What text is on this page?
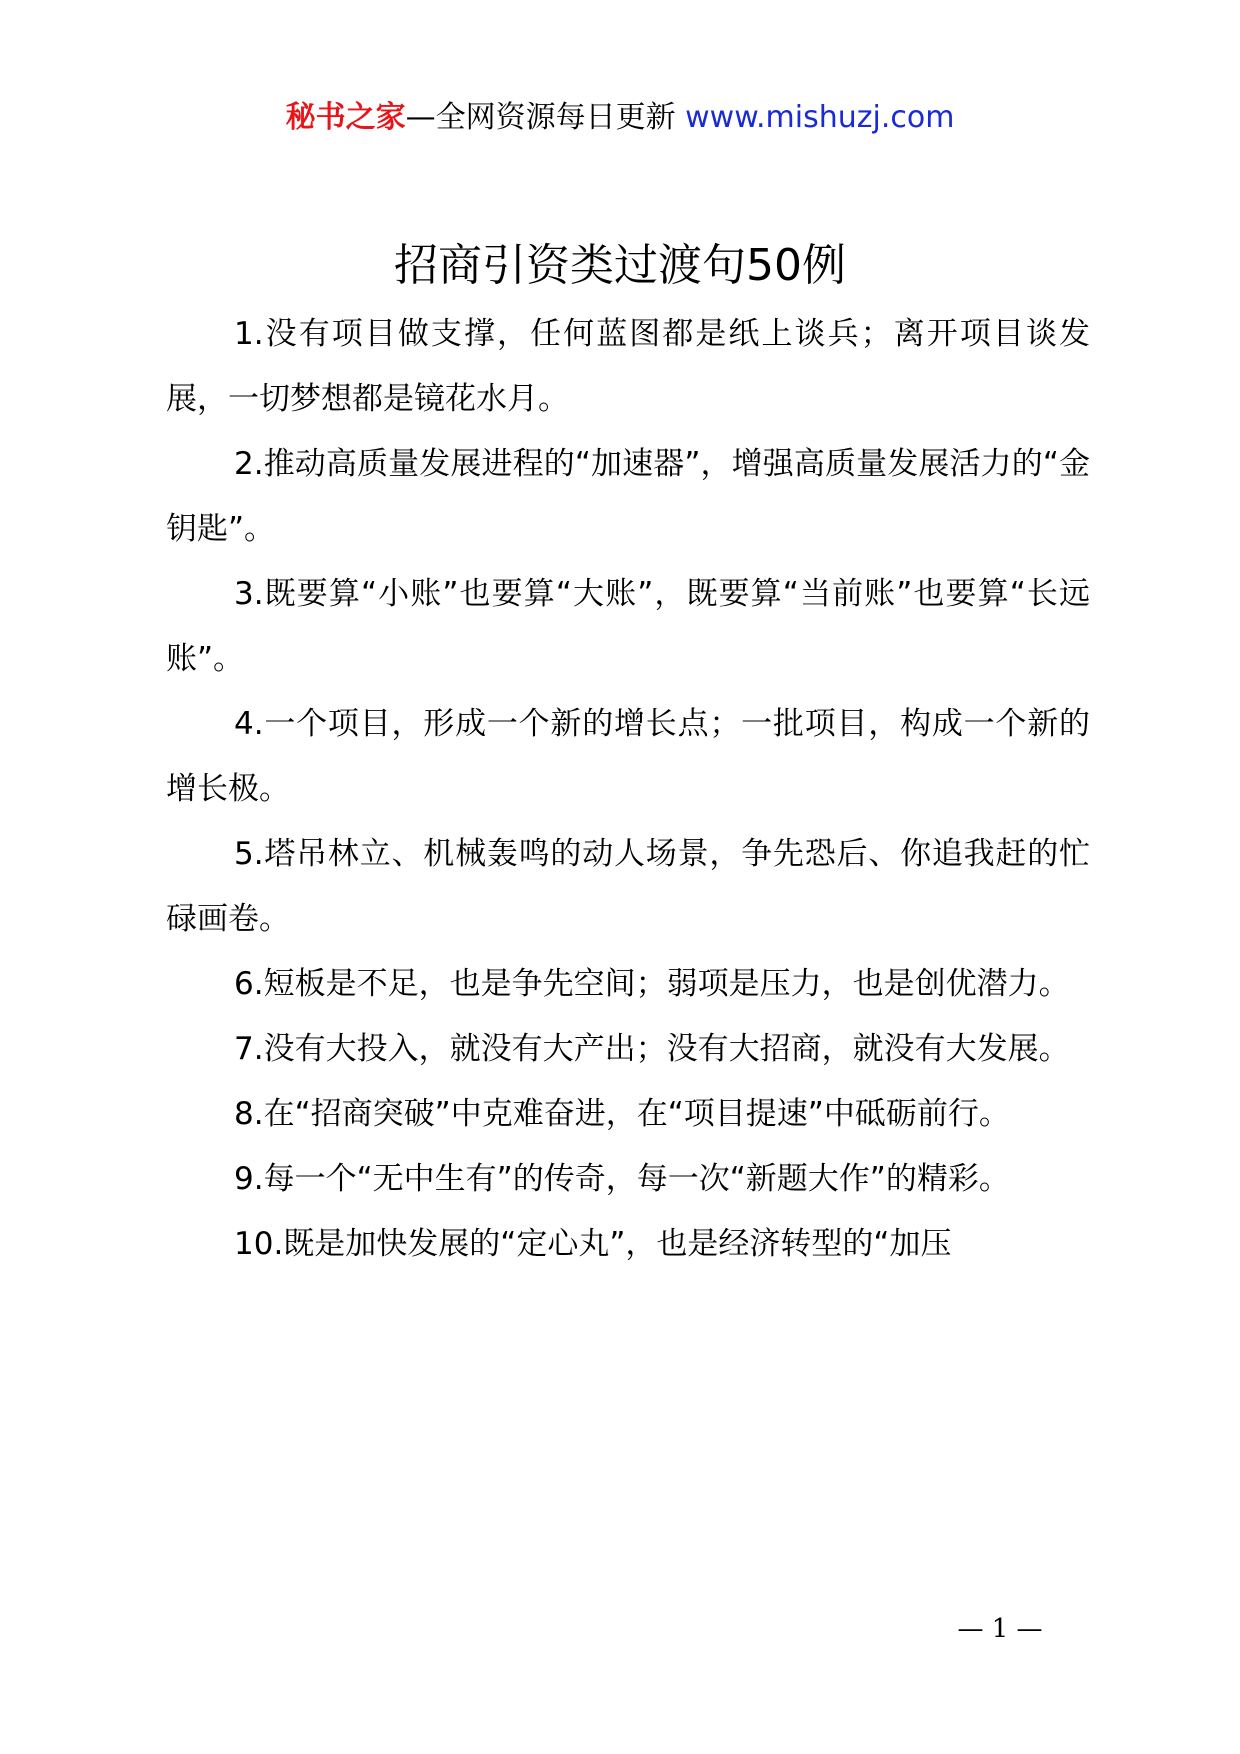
秘书之家—全网资源每日更新 www.mishuzj.com
招商引资类过渡句50例

1.没有项目做支撑，任何蓝图都是纸上谈兵；离开项目谈发展，一切梦想都是镜花水月。

2.推动高质量发展进程的“加速器”，增强高质量发展活力的“金钥匙”。

3.既要算“小账”也要算“大账”，既要算“当前账”也要算“长远账”。

4.一个项目，形成一个新的增长点；一批项目，构成一个新的增长极。

5.塔吊林立、机械轰鸣的动人场景，争先恐后、你追我赶的忙碌画卷。

6.短板是不足，也是争先空间；弱项是压力，也是创优潜力。

7.没有大投入，就没有大产出；没有大招商，就没有大发展。

8.在“招商突破”中克难奋进，在“项目提速”中砥砺前行。

9.每一个“无中生有”的传奇，每一次“新题大作”的精彩。

10.既是加快发展的“定心丸”，也是经济转型的“加压

— 1 —
